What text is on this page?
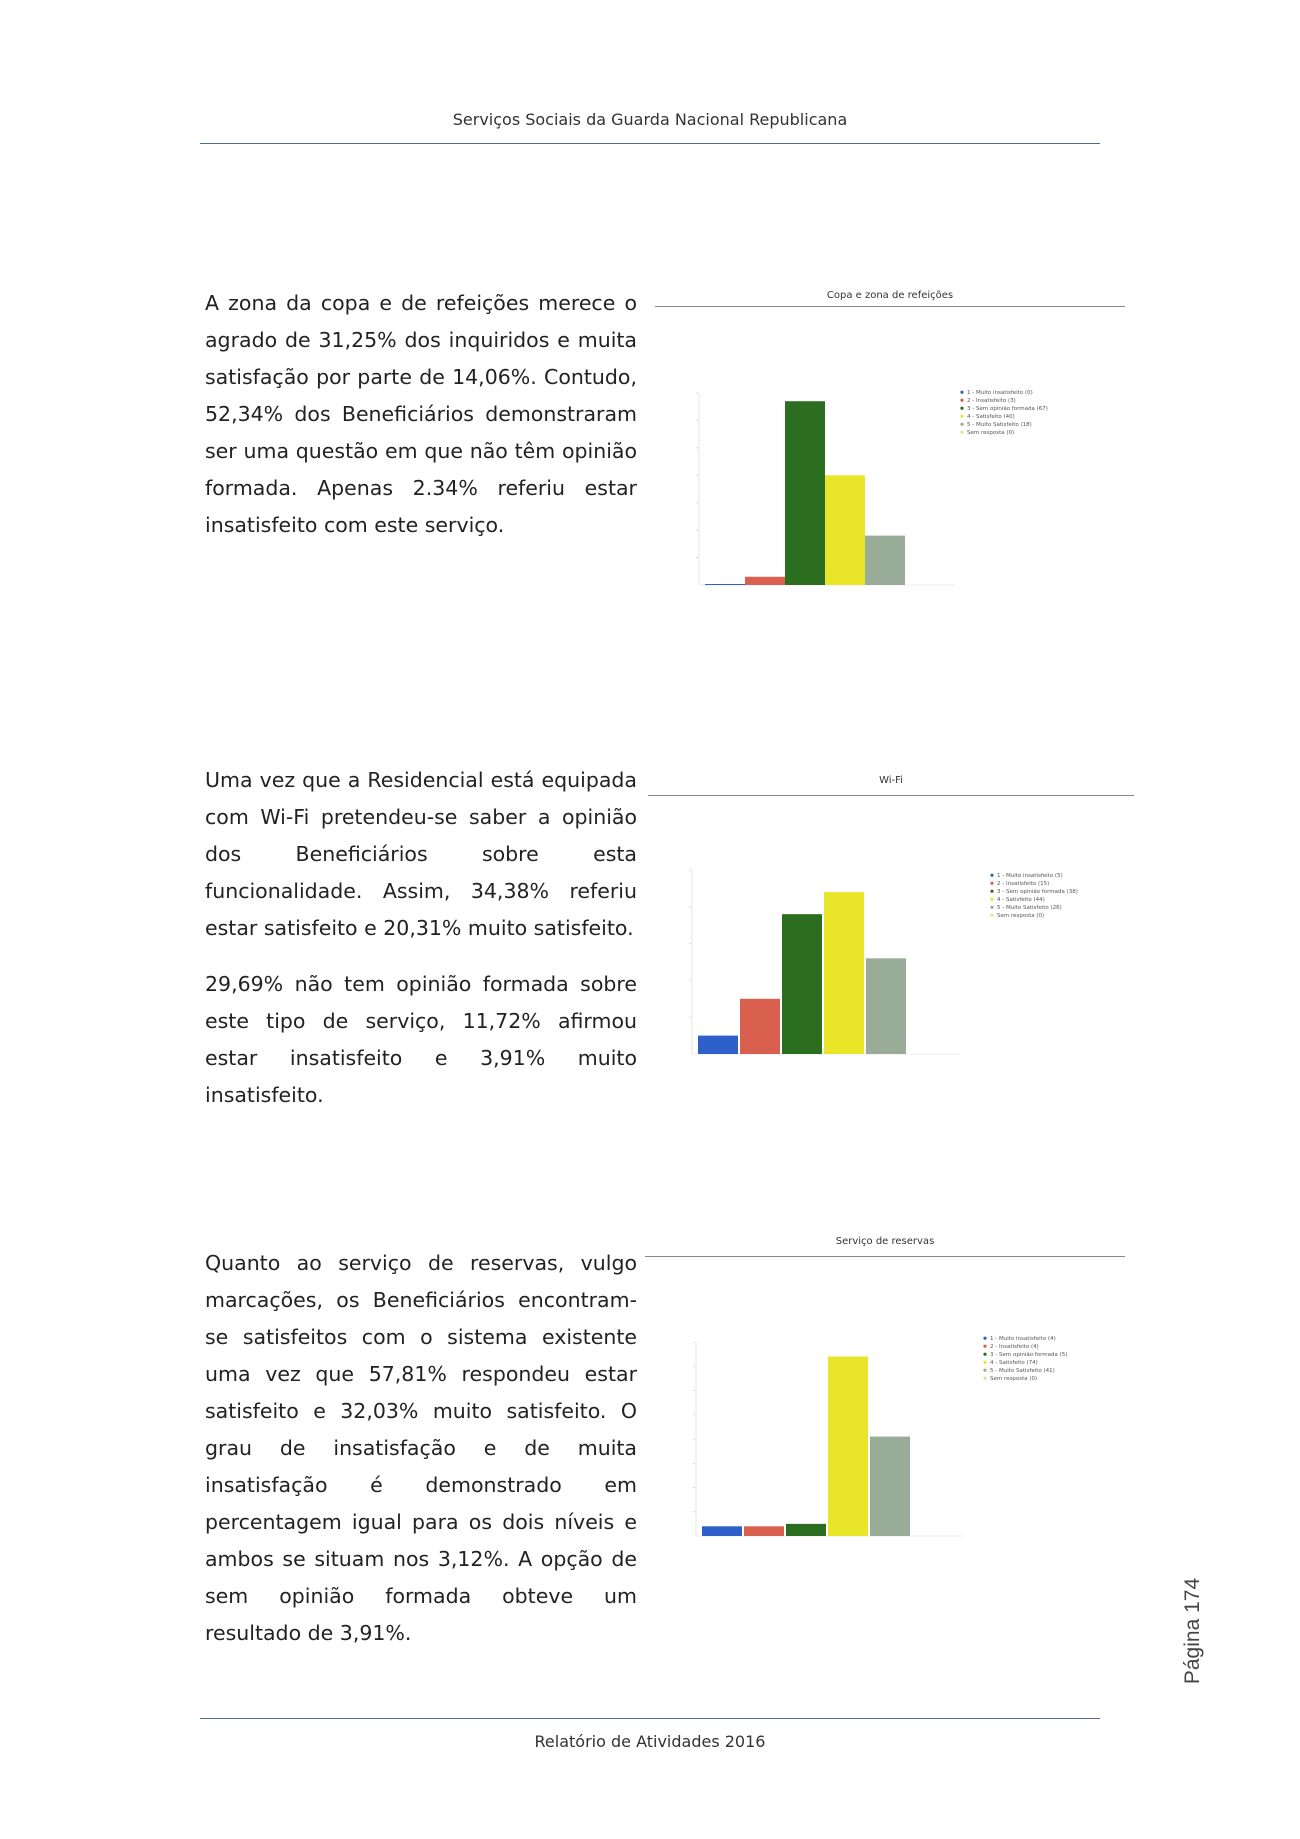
Serviços Sociais da Guarda Nacional Republicana
A zona da copa e de refeições merece o agrado de 31,25% dos inquiridos e muita satisfação por parte de 14,06%. Contudo, 52,34% dos Beneficiários demonstraram ser uma questão em que não têm opinião formada. Apenas 2.34% referiu estar insatisfeito com este serviço.
Copa e zona de refeições
1 - Muito insatisfeito (0)
2 - Insatisfeito (3)
3 - Sem opinião formada (67)
4 - Satisfeito (40)
5 - Muito Satisfeito (18)
Sem resposta (0)
Uma vez que a Residencial está equipada com Wi-Fi pretendeu-se saber a opinião dos Beneficiários sobre esta funcionalidade. Assim, 34,38% referiu estar satisfeito e 20,31% muito satisfeito.
29,69% não tem opinião formada sobre este tipo de serviço, 11,72% afirmou estar insatisfeito e 3,91% muito insatisfeito.
Wi-Fi
1 - Muito insatisfeito (5)
2 - Insatisfeito (15)
3 - Sem opinião formada (38)
4 - Satisfeito (44)
5 - Muito Satisfeito (26)
Sem resposta (0)
Quanto ao serviço de reservas, vulgo marcações, os Beneficiários encontram-se satisfeitos com o sistema existente uma vez que 57,81% respondeu estar satisfeito e 32,03% muito satisfeito. O grau de insatisfação e de muita insatisfação é demonstrado em percentagem igual para os dois níveis e ambos se situam nos 3,12%. A opção de sem opinião formada obteve um resultado de 3,91%.
Serviço de reservas
1 - Muito insatisfeito (4)
2 - Insatisfeito (4)
3 - Sem opinião formada (5)
4 - Satisfeito (74)
5 - Muito Satisfeito (41)
Sem resposta (0)
Página 174
Relatório de Atividades 2016
